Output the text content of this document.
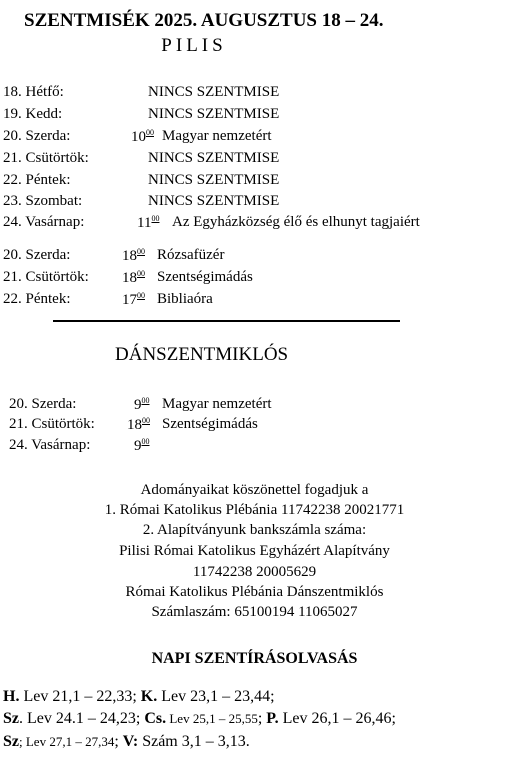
SZENTMISÉK 2025. AUGUSZTUS 18 – 24.
PILIS
18. Hétfő:	NINCS SZENTMISE
19. Kedd:	NINCS SZENTMISE
20. Szerda:	$10^{00}$ Magyar nemzetért
21. Csütörtök:	NINCS SZENTMISE
22. Péntek:	NINCS SZENTMISE
23. Szombat:	NINCS SZENTMISE
24. Vasárnap:	$11^{00}$ Az Egyházközség élő és elhunyt tagjaiért
20. Szerda:	$18^{00}$ Rózsafüzér
21. Csütörtök: $18^{00}$ Szentségimádás
22. Péntek:	$17^{00}$ Bibliaóra
DÁNSZENTMIKLÓS
20. Szerda:	$9^{00}$ Magyar nemzetért
21. Csütörtök: $18^{00}$ Szentségimádás
24. Vasárnap:	$9^{00}$
Adományaikat köszönettel fogadjuk a
1. Római Katolikus Plébánia 11742238 20021771
2. Alapítványunk bankszámla száma:
Pilisi Római Katolikus Egyházért Alapítvány
11742238 20005629
Római Katolikus Plébánia Dánszentmiklós
Számlaszám: 65100194 11065027
NAPI SZENTÍRÁSOLVASÁS
H. Lev 21,1 – 22,33; K. Lev 23,1 – 23,44;
Sz. Lev 24.1 – 24,23; Cs. Lev 25,1 – 25,55; P. Lev 26,1 – 26,46;
Sz; Lev 27,1 – 27,34; V: Szám 3,1 – 3,13.
